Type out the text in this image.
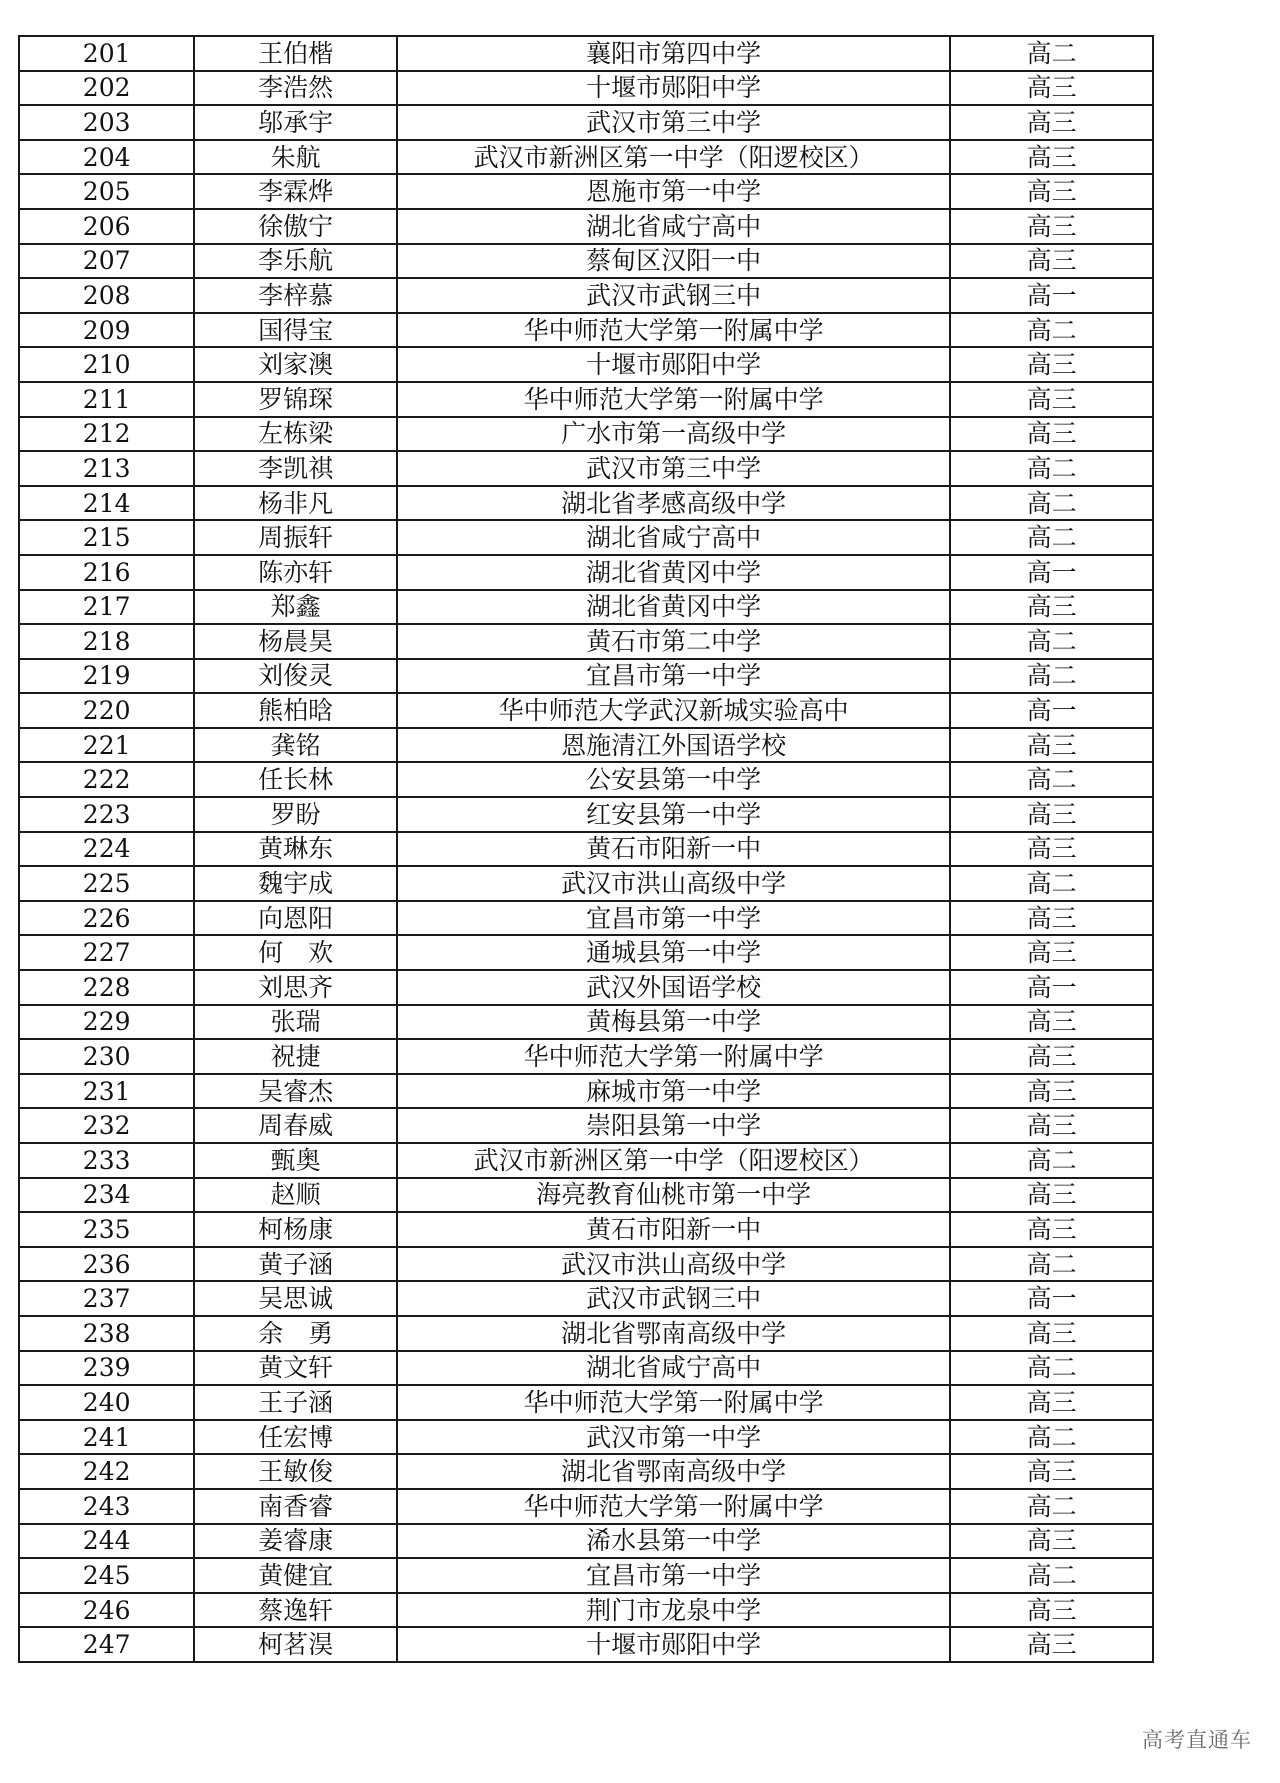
201	王伯楷	襄阳市第四中学	高二
202	李浩然	十堰市郧阳中学	高三
203	邬承宇	武汉市第三中学	高三
204	朱航	武汉市新洲区第一中学（阳逻校区）	高三
205	李霖烨	恩施市第一中学	高三
206	徐傲宁	湖北省咸宁高中	高三
207	李乐航	蔡甸区汉阳一中	高三
208	李梓慕	武汉市武钢三中	高一
209	国得宝	华中师范大学第一附属中学	高二
210	刘家澳	十堰市郧阳中学	高三
211	罗锦琛	华中师范大学第一附属中学	高三
212	左栋梁	广水市第一高级中学	高三
213	李凯祺	武汉市第三中学	高二
214	杨非凡	湖北省孝感高级中学	高二
215	周振轩	湖北省咸宁高中	高二
216	陈亦轩	湖北省黄冈中学	高一
217	郑鑫	湖北省黄冈中学	高三
218	杨晨昊	黄石市第二中学	高二
219	刘俊灵	宜昌市第一中学	高二
220	熊柏晗	华中师范大学武汉新城实验高中	高一
221	龚铭	恩施清江外国语学校	高三
222	任长林	公安县第一中学	高二
223	罗盼	红安县第一中学	高三
224	黄琳东	黄石市阳新一中	高三
225	魏宇成	武汉市洪山高级中学	高二
226	向恩阳	宜昌市第一中学	高三
227	何　欢	通城县第一中学	高三
228	刘思齐	武汉外国语学校	高一
229	张瑞	黄梅县第一中学	高三
230	祝捷	华中师范大学第一附属中学	高三
231	吴睿杰	麻城市第一中学	高三
232	周春威	崇阳县第一中学	高三
233	甄奥	武汉市新洲区第一中学（阳逻校区）	高二
234	赵顺	海亮教育仙桃市第一中学	高三
235	柯杨康	黄石市阳新一中	高三
236	黄子涵	武汉市洪山高级中学	高二
237	吴思诚	武汉市武钢三中	高一
238	余　勇	湖北省鄂南高级中学	高三
239	黄文轩	湖北省咸宁高中	高二
240	王子涵	华中师范大学第一附属中学	高三
241	任宏博	武汉市第一中学	高二
242	王敏俊	湖北省鄂南高级中学	高三
243	南香睿	华中师范大学第一附属中学	高二
244	姜睿康	浠水县第一中学	高三
245	黄健宜	宜昌市第一中学	高二
246	蔡逸轩	荆门市龙泉中学	高三
247	柯茗淏	十堰市郧阳中学	高三
高考直通车
